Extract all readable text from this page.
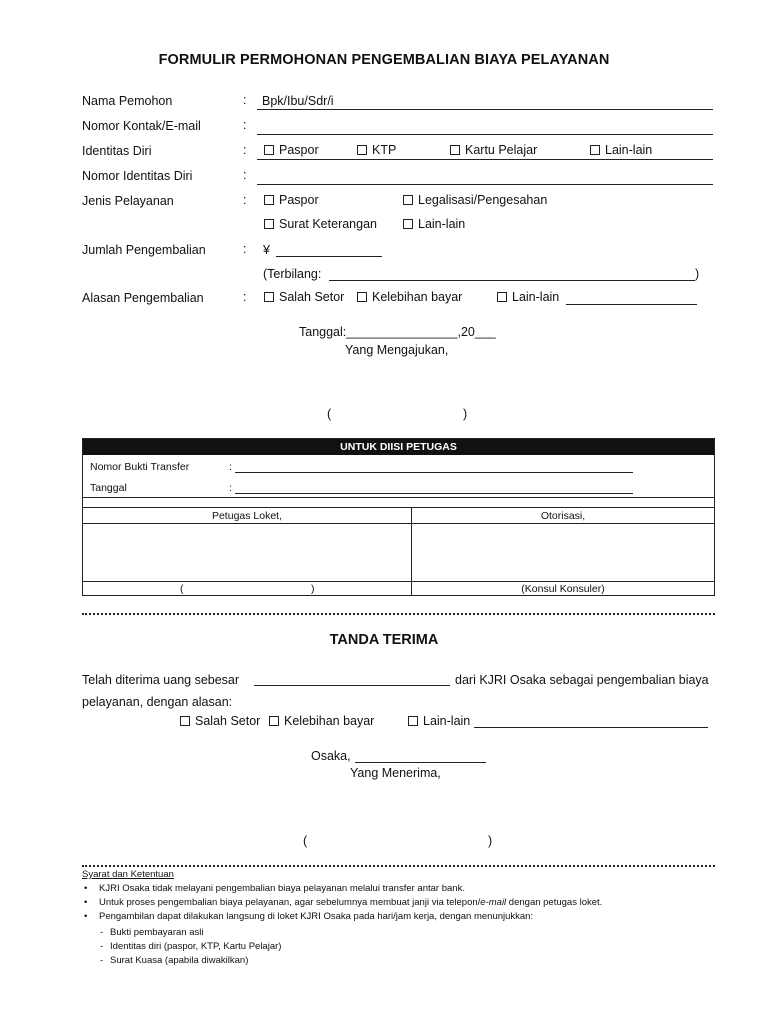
FORMULIR PERMOHONAN PENGEMBALIAN BIAYA PELAYANAN
Nama Pemohon	: Bpk/Ibu/Sdr/i
Nomor Kontak/E-mail	:
Identitas Diri	:	Paspor	KTP	Kartu Pelajar	Lain-lain
Nomor Identitas Diri	:
Jenis Pelayanan	:	Paspor	Legalisasi/Pengesahan
Surat Keterangan	Lain-lain
Jumlah Pengembalian	: ¥
(Terbilang:	)
Alasan Pengembalian	:	Salah Setor	Kelebihan bayar	Lain-lain
Tanggal:________________,20___
Yang Mengajukan,
(	)
UNTUK DIISI PETUGAS
Nomor Bukti Transfer	:
Tanggal	:
Petugas Loket,	Otorisasi,
(	)	(Konsul Konsuler)
TANDA TERIMA
Telah diterima uang sebesar	dari KJRI Osaka sebagai pengembalian biaya
pelayanan, dengan alasan:
Salah Setor	Kelebihan bayar	Lain-lain
Osaka,
Yang Menerima,
(	)
Syarat dan Ketentuan
• KJRI Osaka tidak melayani pengembalian biaya pelayanan melalui transfer antar bank.
• Untuk proses pengembalian biaya pelayanan, agar sebelumnya membuat janji via telepon/e-mail dengan petugas loket.
• Pengambilan dapat dilakukan langsung di loket KJRI Osaka pada hari/jam kerja, dengan menunjukkan:
- Bukti pembayaran asli
- Identitas diri (paspor, KTP, Kartu Pelajar)
- Surat Kuasa (apabila diwakilkan)
